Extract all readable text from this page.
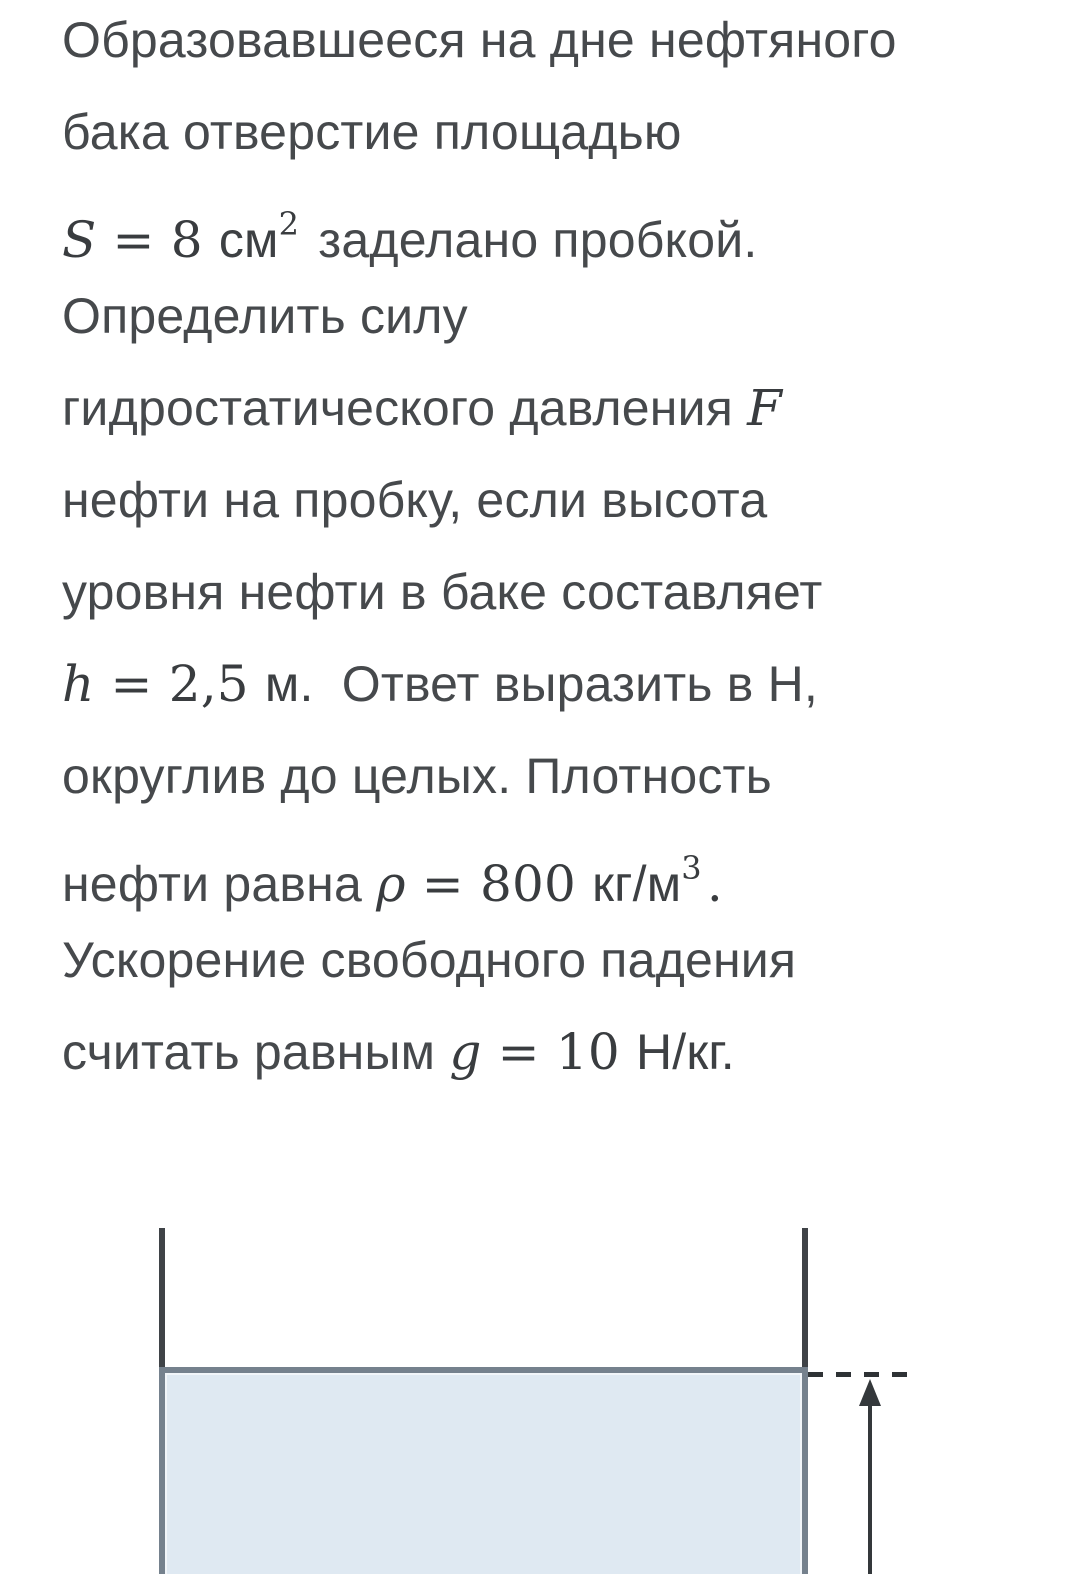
Образовавшееся на дне нефтяного
бака отверстие площадью
S = 8 $см^2$ заделано пробкой.
Определить силу
гидростатического давления F
нефти на пробку, если высота
уровня нефти в баке составляет
h = 2,5 м.  Ответ выразить в Н,
округлив до целых. Плотность
нефти равна ρ = 800 $кг/м^3$ .
Ускорение свободного падения
считать равным g = 10 Н/кг.
